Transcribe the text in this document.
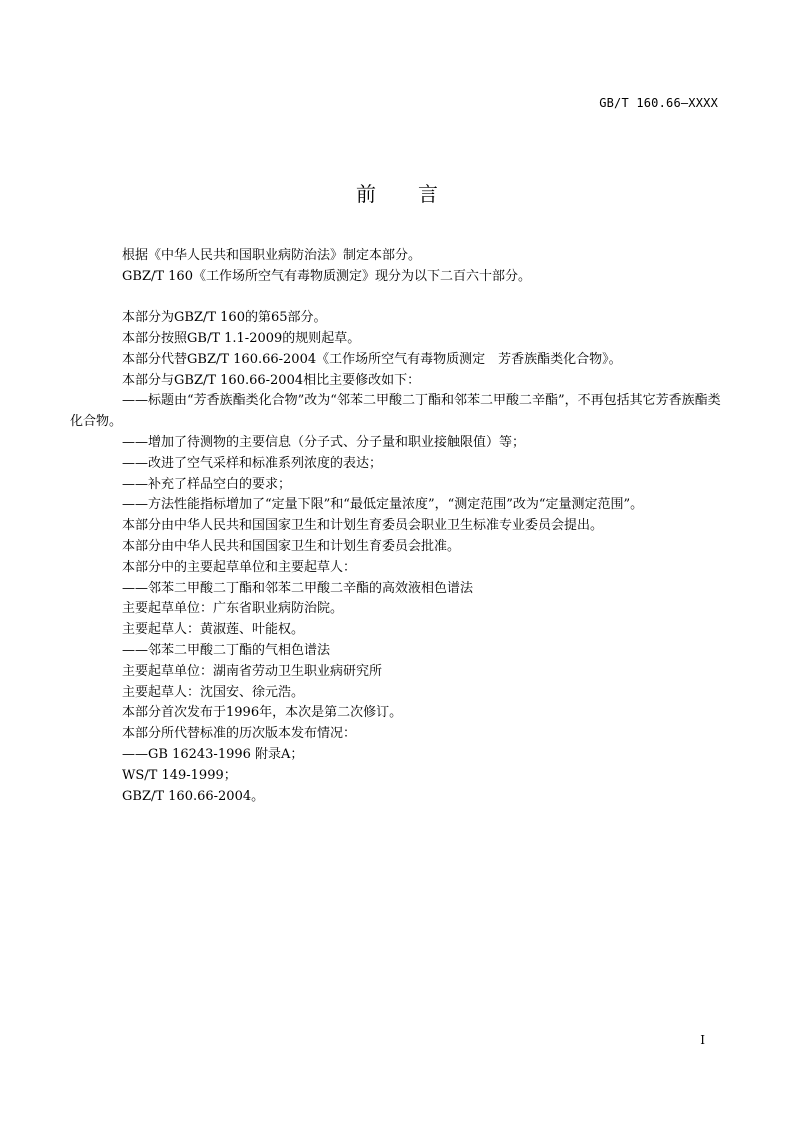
GB/T 160.66—XXXX
前 言

根据《中华人民共和国职业病防治法》制定本部分。

GBZ/T 160《工作场所空气有毒物质测定》现分为以下二百六十部分。

本部分为GBZ/T 160的第65部分。

本部分按照GB/T 1.1-2009的规则起草。

本部分代替GBZ/T 160.66-2004《工作场所空气有毒物质测定　芳香族酯类化合物》。

本部分与GBZ/T 160.66-2004相比主要修改如下：

——标题由“芳香族酯类化合物”改为“邻苯二甲酸二丁酯和邻苯二甲酸二辛酯”，不再包括其它芳香族酯类化合物。

——增加了待测物的主要信息（分子式、分子量和职业接触限值）等；

——改进了空气采样和标准系列浓度的表达；

——补充了样品空白的要求；

——方法性能指标增加了“定量下限”和“最低定量浓度”，“测定范围”改为“定量测定范围”。

本部分由中华人民共和国国家卫生和计划生育委员会职业卫生标准专业委员会提出。

本部分由中华人民共和国国家卫生和计划生育委员会批准。

本部分中的主要起草单位和主要起草人：

——邻苯二甲酸二丁酯和邻苯二甲酸二辛酯的高效液相色谱法

主要起草单位：广东省职业病防治院。

主要起草人：黄淑莲、叶能权。

——邻苯二甲酸二丁酯的气相色谱法

主要起草单位：湖南省劳动卫生职业病研究所

主要起草人：沈国安、徐元浩。

本部分首次发布于1996年，本次是第二次修订。

本部分所代替标准的历次版本发布情况：

——GB 16243-1996 附录A；

WS/T 149-1999；

GBZ/T 160.66-2004。

I
